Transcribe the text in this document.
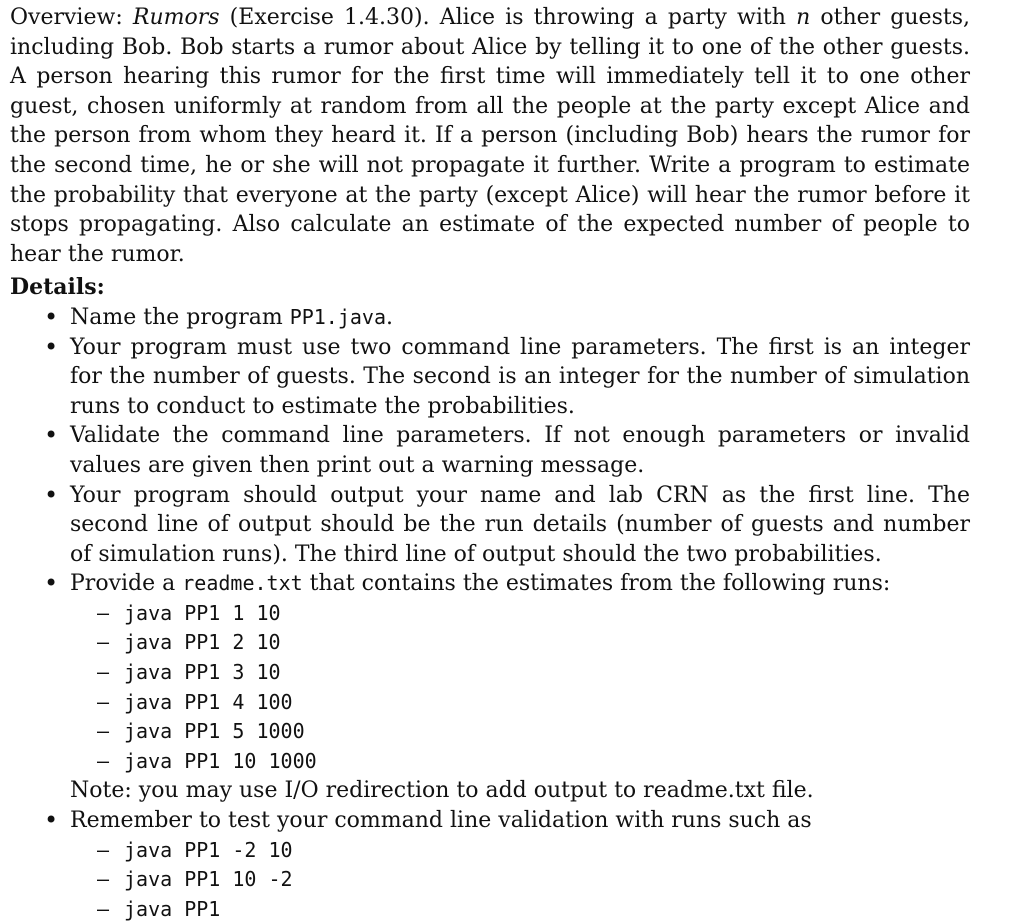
Overview: Rumors (Exercise 1.4.30). Alice is throwing a party with n other guests, including Bob. Bob starts a rumor about Alice by telling it to one of the other guests. A person hearing this rumor for the first time will immediately tell it to one other guest, chosen uniformly at random from all the people at the party except Alice and the person from whom they heard it. If a person (including Bob) hears the rumor for the second time, he or she will not propagate it further. Write a program to estimate the probability that everyone at the party (except Alice) will hear the rumor before it stops propagating. Also calculate an estimate of the expected number of people to hear the rumor.

Details:
• Name the program PP1.java.
• Your program must use two command line parameters. The first is an integer for the number of guests. The second is an integer for the number of simulation runs to conduct to estimate the probabilities.
• Validate the command line parameters. If not enough parameters or invalid values are given then print out a warning message.
• Your program should output your name and lab CRN as the first line. The second line of output should be the run details (number of guests and number of simulation runs). The third line of output should the two probabilities.
• Provide a readme.txt that contains the estimates from the following runs:
– java PP1 1 10
– java PP1 2 10
– java PP1 3 10
– java PP1 4 100
– java PP1 5 1000
– java PP1 10 1000

Note: you may use I/O redirection to add output to readme.txt file.

• Remember to test your command line validation with runs such as
– java PP1 -2 10
– java PP1 10 -2
– java PP1
